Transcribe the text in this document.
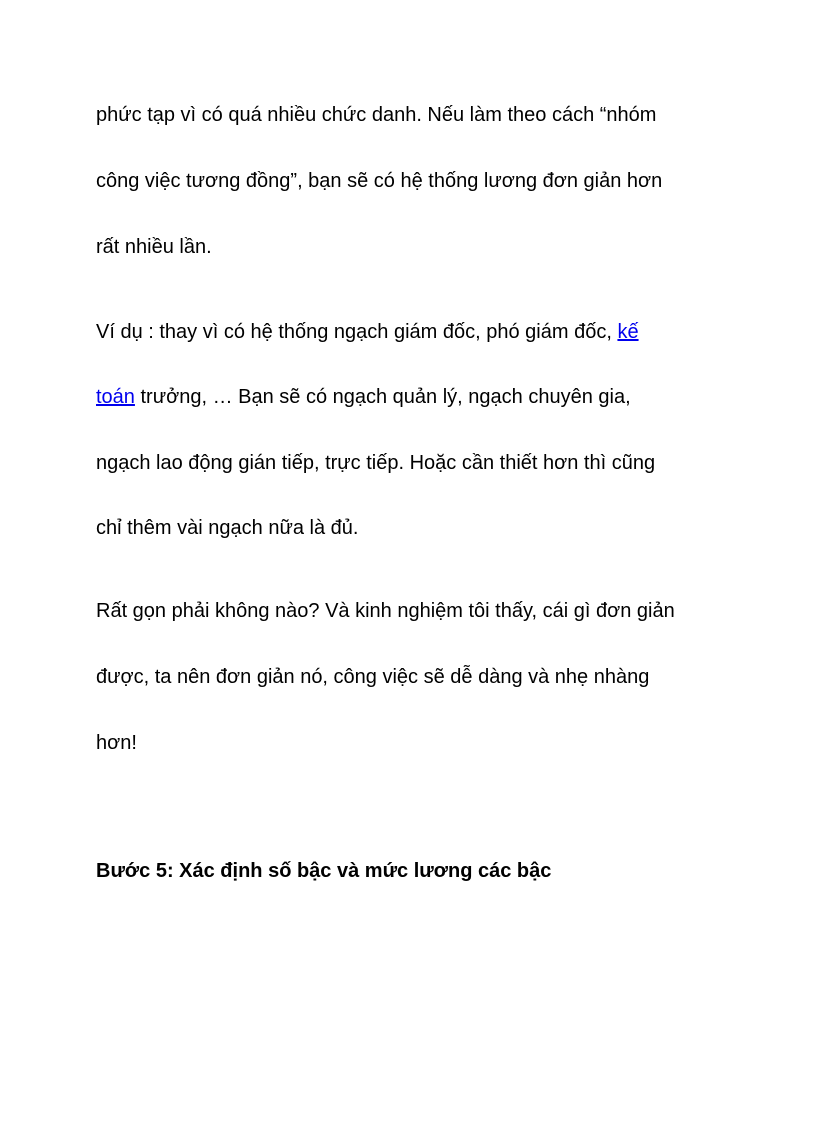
phức tạp vì có quá nhiều chức danh. Nếu làm theo cách “nhóm
công việc tương đồng”, bạn sẽ có hệ thống lương đơn giản hơn
rất nhiều lần.
Ví dụ : thay vì có hệ thống ngạch giám đốc, phó giám đốc, kế
toán trưởng, … Bạn sẽ có ngạch quản lý, ngạch chuyên gia,
ngạch lao động gián tiếp, trực tiếp. Hoặc cần thiết hơn thì cũng
chỉ thêm vài ngạch nữa là đủ.
Rất gọn phải không nào? Và kinh nghiệm tôi thấy, cái gì đơn giản
được, ta nên đơn giản nó, công việc sẽ dễ dàng và nhẹ nhàng
hơn!
Bước 5: Xác định số bậc và mức lương các bậc
